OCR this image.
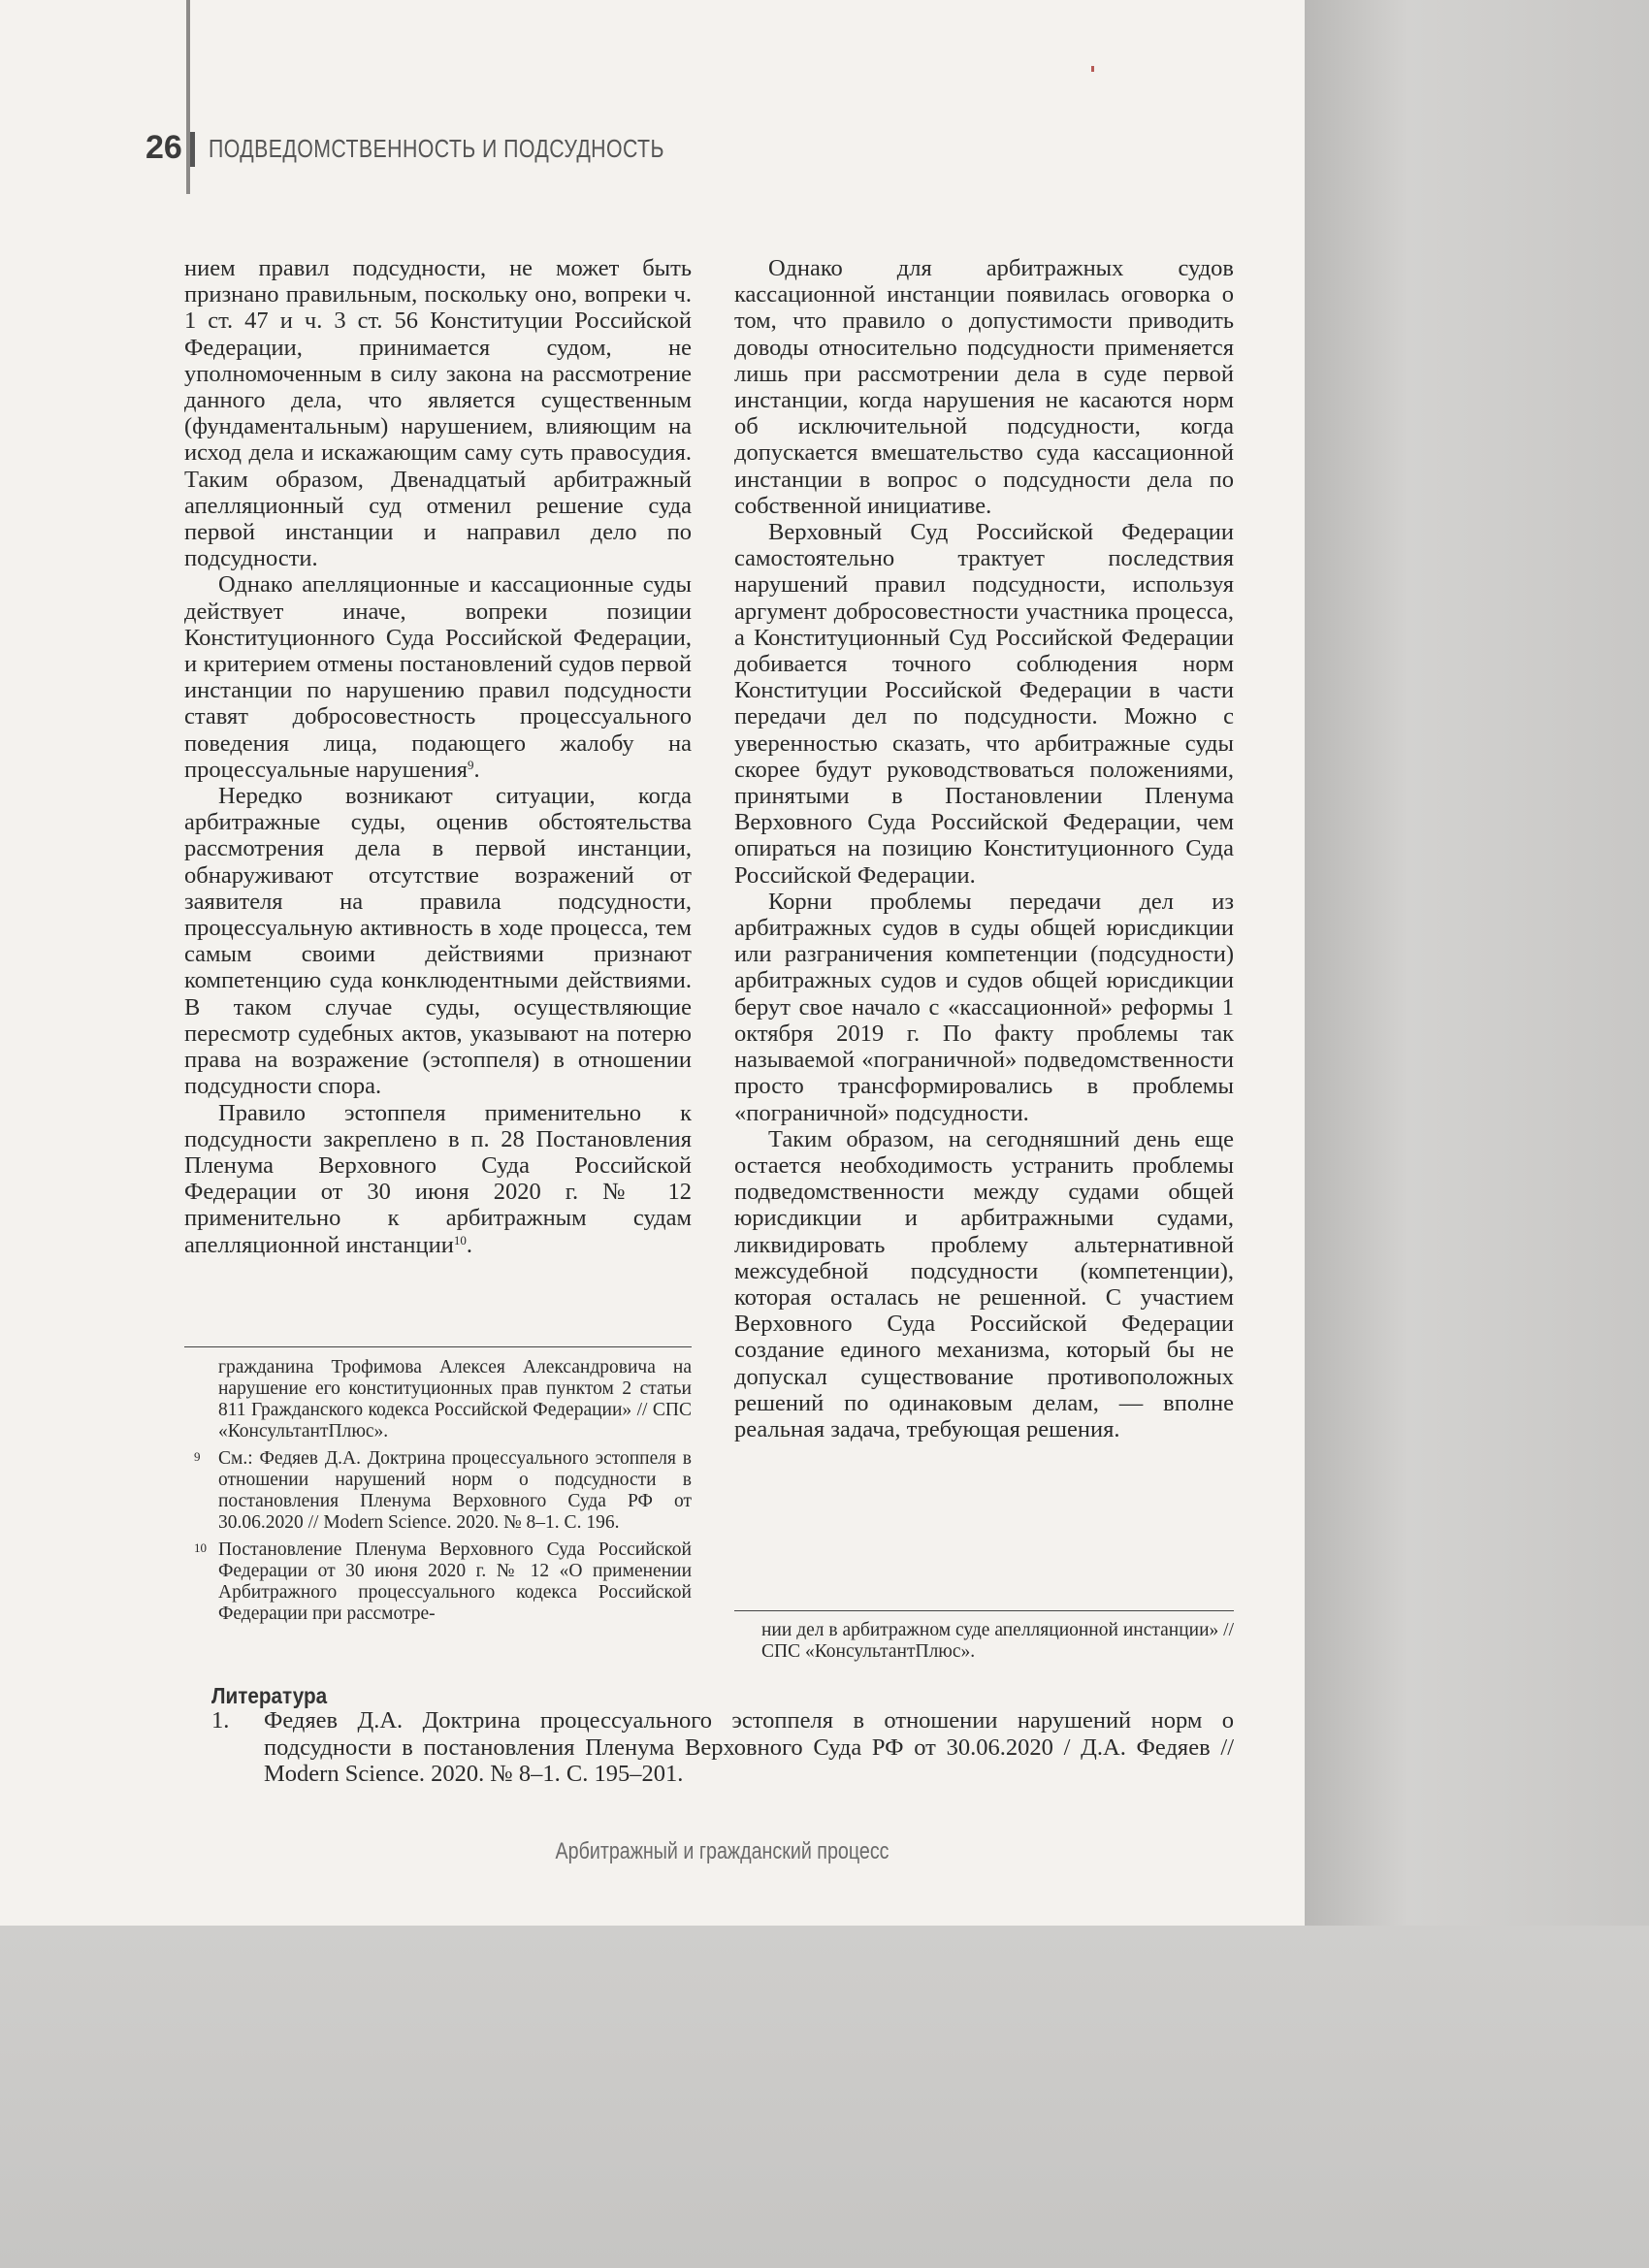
26 ПОДВЕДОМСТВЕННОСТЬ И ПОДСУДНОСТЬ

нием правил подсудности, не может быть признано правильным, поскольку оно, вопреки ч. 1 ст. 47 и ч. 3 ст. 56 Конституции Российской Федерации, принимается судом, не уполномоченным в силу закона на рассмотрение данного дела, что является существенным (фундаментальным) нарушением, влияющим на исход дела и искажающим саму суть правосудия. Таким образом, Двенадцатый арбитражный апелляционный суд отменил решение суда первой инстанции и направил дело по подсудности.

Однако апелляционные и кассационные суды действует иначе, вопреки позиции Конституционного Суда Российской Федерации, и критерием отмены постановлений судов первой инстанции по нарушению правил подсудности ставят добросовестность процессуального поведения лица, подающего жалобу на процессуальные нарушения$^9$.

Нередко возникают ситуации, когда арбитражные суды, оценив обстоятельства рассмотрения дела в первой инстанции, обнаруживают отсутствие возражений от заявителя на правила подсудности, процессуальную активность в ходе процесса, тем самым своими действиями признают компетенцию суда конклюдентными действиями. В таком случае суды, осуществляющие пересмотр судебных актов, указывают на потерю права на возражение (эстоппеля) в отношении подсудности спора.

Правило эстоппеля применительно к подсудности закреплено в п. 28 Постановления Пленума Верховного Суда Российской Федерации от 30 июня 2020 г. № 12 применительно к арбитражным судам апелляционной инстанции$^{10}$.

Однако для арбитражных судов кассационной инстанции появилась оговорка о том, что правило о допустимости приводить доводы относительно подсудности применяется лишь при рассмотрении дела в суде первой инстанции, когда нарушения не касаются норм об исключительной подсудности, когда допускается вмешательство суда кассационной инстанции в вопрос о подсудности дела по собственной инициативе.

Верховный Суд Российской Федерации самостоятельно трактует последствия нарушений правил подсудности, используя аргумент добросовестности участника процесса, а Конституционный Суд Российской Федерации добивается точного соблюдения норм Конституции Российской Федерации в части передачи дел по подсудности. Можно с уверенностью сказать, что арбитражные суды скорее будут руководствоваться положениями, принятыми в Постановлении Пленума Верховного Суда Российской Федерации, чем опираться на позицию Конституционного Суда Российской Федерации.

Корни проблемы передачи дел из арбитражных судов в суды общей юрисдикции или разграничения компетенции (подсудности) арбитражных судов и судов общей юрисдикции берут свое начало с «кассационной» реформы 1 октября 2019 г. По факту проблемы так называемой «пограничной» подведомственности просто трансформировались в проблемы «пограничной» подсудности.

Таким образом, на сегодняшний день еще остается необходимость устранить проблемы подведомственности между судами общей юрисдикции и арбитражными судами, ликвидировать проблему альтернативной межсудебной подсудности (компетенции), которая осталась не решенной. С участием Верховного Суда Российской Федерации создание единого механизма, который бы не допускал существование противоположных решений по одинаковым делам, — вполне реальная задача, требующая решения.

гражданина Трофимова Алексея Александровича на нарушение его конституционных прав пунктом 2 статьи 811 Гражданского кодекса Российской Федерации» // СПС «КонсультантПлюс».
9 См.: Федяев Д.А. Доктрина процессуального эстоппеля в отношении нарушений норм о подсудности в постановления Пленума Верховного Суда РФ от 30.06.2020 // Modern Science. 2020. № 8–1. С. 196.
10 Постановление Пленума Верховного Суда Российской Федерации от 30 июня 2020 г. № 12 «О применении Арбитражного процессуального кодекса Российской Федерации при рассмотре-
нии дел в арбитражном суде апелляционной инстанции» // СПС «КонсультантПлюс».
Литература
1.	Федяев Д.А. Доктрина процессуального эстоппеля в отношении нарушений норм о подсудности в постановления Пленума Верховного Суда РФ от 30.06.2020 / Д.А. Федяев // Modern Science. 2020. № 8–1. С. 195–201.
Арбитражный и гражданский процесс
